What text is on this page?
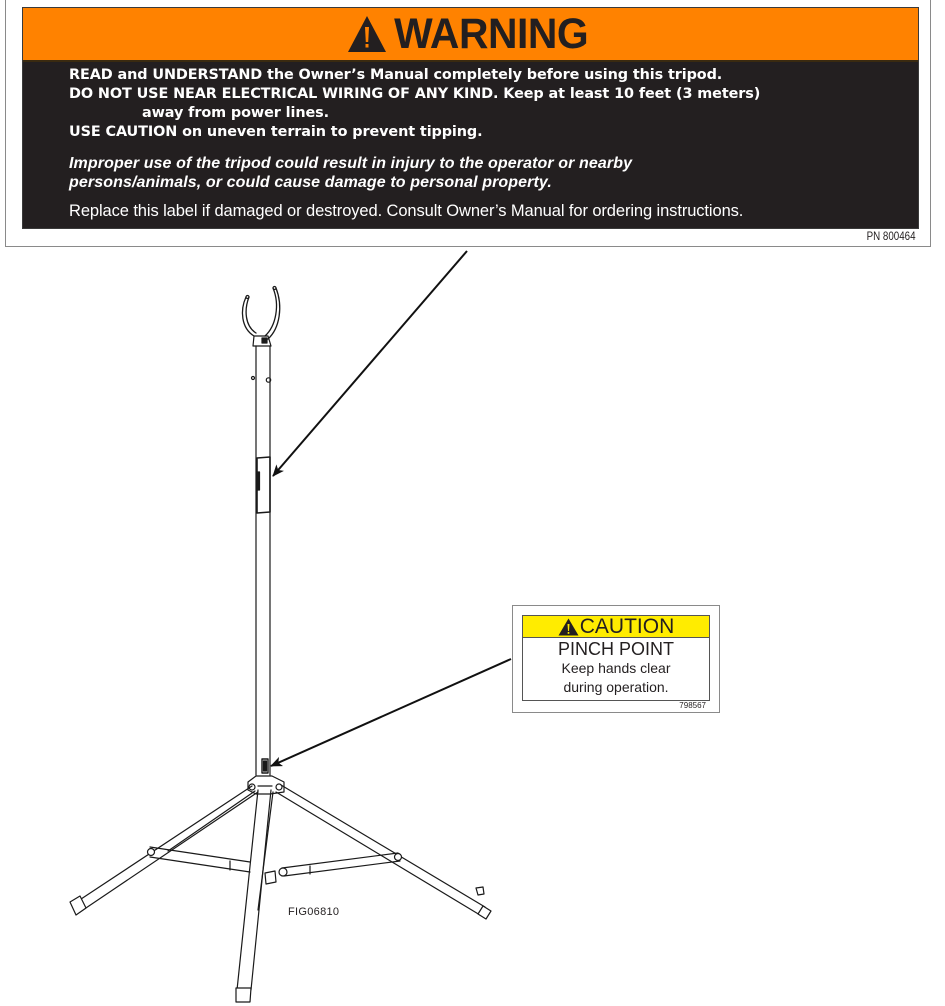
WARNING
READ and UNDERSTAND the Owner’s Manual completely before using this tripod.
DO NOT USE NEAR ELECTRICAL WIRING OF ANY KIND. Keep at least 10 feet (3 meters)
away from power lines.
USE CAUTION on uneven terrain to prevent tipping.
Improper use of the tripod could result in injury to the operator or nearby
persons/animals, or could cause damage to personal property.
Replace this label if damaged or destroyed. Consult Owner’s Manual for ordering instructions.
PN 800464
CAUTION
PINCH POINT
Keep hands clear
during operation.
798567
FIG06810
